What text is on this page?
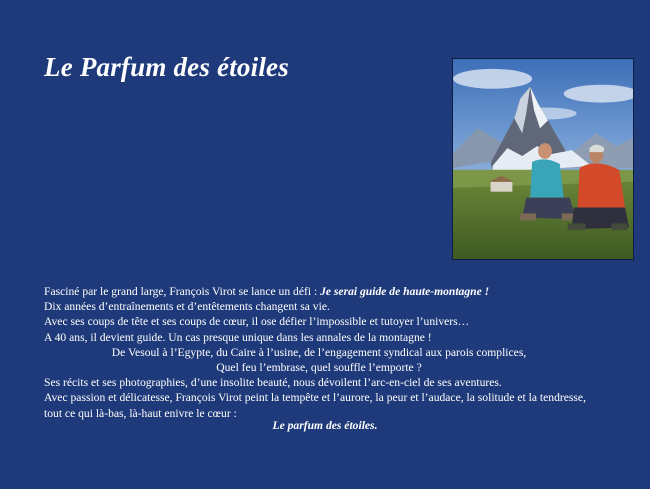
Le Parfum des étoiles
Fasciné par le grand large, François Virot se lance un défi : Je serai guide de haute-montagne !
Dix années d’entraînements et d’entêtements changent sa vie.
Avec ses coups de tête et ses coups de cœur, il ose défier l’impossible et tutoyer l’univers…
A 40 ans, il devient guide. Un cas presque unique dans les annales de la montagne !
De Vesoul à l’Egypte, du Caire à l’usine, de l’engagement syndical aux parois complices,
Quel feu l’embrase, quel souffle l’emporte ?
Ses récits et ses photographies, d’une insolite beauté, nous dévoilent l’arc-en-ciel de ses aventures.
Avec passion et délicatesse, François Virot peint la tempête et l’aurore, la peur et l’audace, la solitude et la tendresse,
tout ce qui là-bas, là-haut enivre le cœur :
Le parfum des étoiles.
